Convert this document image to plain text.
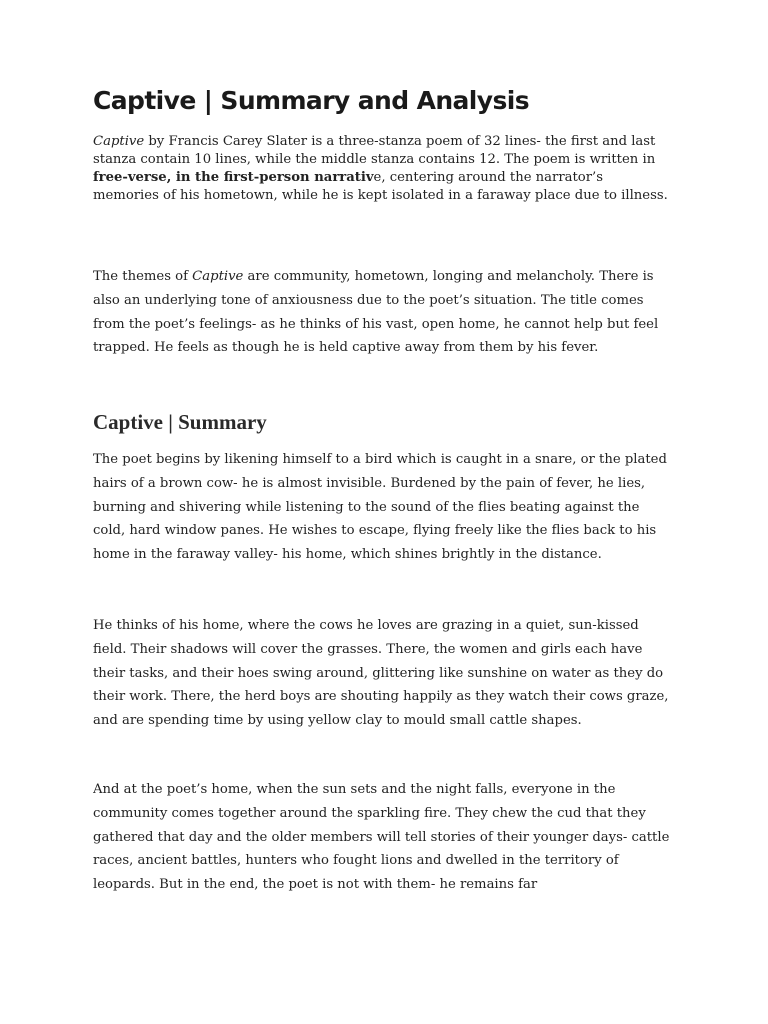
Captive | Summary and Analysis

Captive by Francis Carey Slater is a three-stanza poem of 32 lines- the first and last stanza contain 10 lines, while the middle stanza contains 12. The poem is written in free-verse, in the first-person narrative, centering around the narrator’s memories of his hometown, while he is kept isolated in a faraway place due to illness.

The themes of Captive are community, hometown, longing and melancholy. There is also an underlying tone of anxiousness due to the poet’s situation. The title comes from the poet’s feelings- as he thinks of his vast, open home, he cannot help but feel trapped. He feels as though he is held captive away from them by his fever.

Captive | Summary

The poet begins by likening himself to a bird which is caught in a snare, or the plated hairs of a brown cow- he is almost invisible. Burdened by the pain of fever, he lies, burning and shivering while listening to the sound of the flies beating against the cold, hard window panes. He wishes to escape, flying freely like the flies back to his home in the faraway valley- his home, which shines brightly in the distance.

He thinks of his home, where the cows he loves are grazing in a quiet, sun-kissed field. Their shadows will cover the grasses. There, the women and girls each have their tasks, and their hoes swing around, glittering like sunshine on water as they do their work. There, the herd boys are shouting happily as they watch their cows graze, and are spending time by using yellow clay to mould small cattle shapes.

And at the poet’s home, when the sun sets and the night falls, everyone in the community comes together around the sparkling fire. They chew the cud that they gathered that day and the older members will tell stories of their younger days- cattle races, ancient battles, hunters who fought lions and dwelled in the territory of leopards. But in the end, the poet is not with them- he remains far
